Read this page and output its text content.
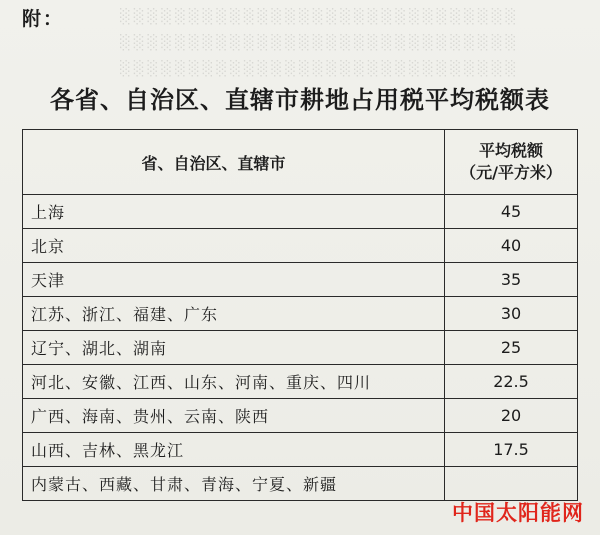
░░░░░░░░░░░░░░░░░░░░░░░░░░░░░
░░░░░░░░░░░░░░░░░░░░░░░░░░░░░
░░░░░░░░░░░░░░░░░░░░░░░░░░░░░
附：
各省、自治区、直辖市耕地占用税平均税额表
省、自治区、直辖市	平均税额
（元/平方米）

上海	45
北京	40
天津	35
江苏、浙江、福建、广东	30
辽宁、湖北、湖南	25
河北、安徽、江西、山东、河南、重庆、四川	22.5
广西、海南、贵州、云南、陕西	20
山西、吉林、黑龙江	17.5
内蒙古、西藏、甘肃、青海、宁夏、新疆	
中国太阳能网
